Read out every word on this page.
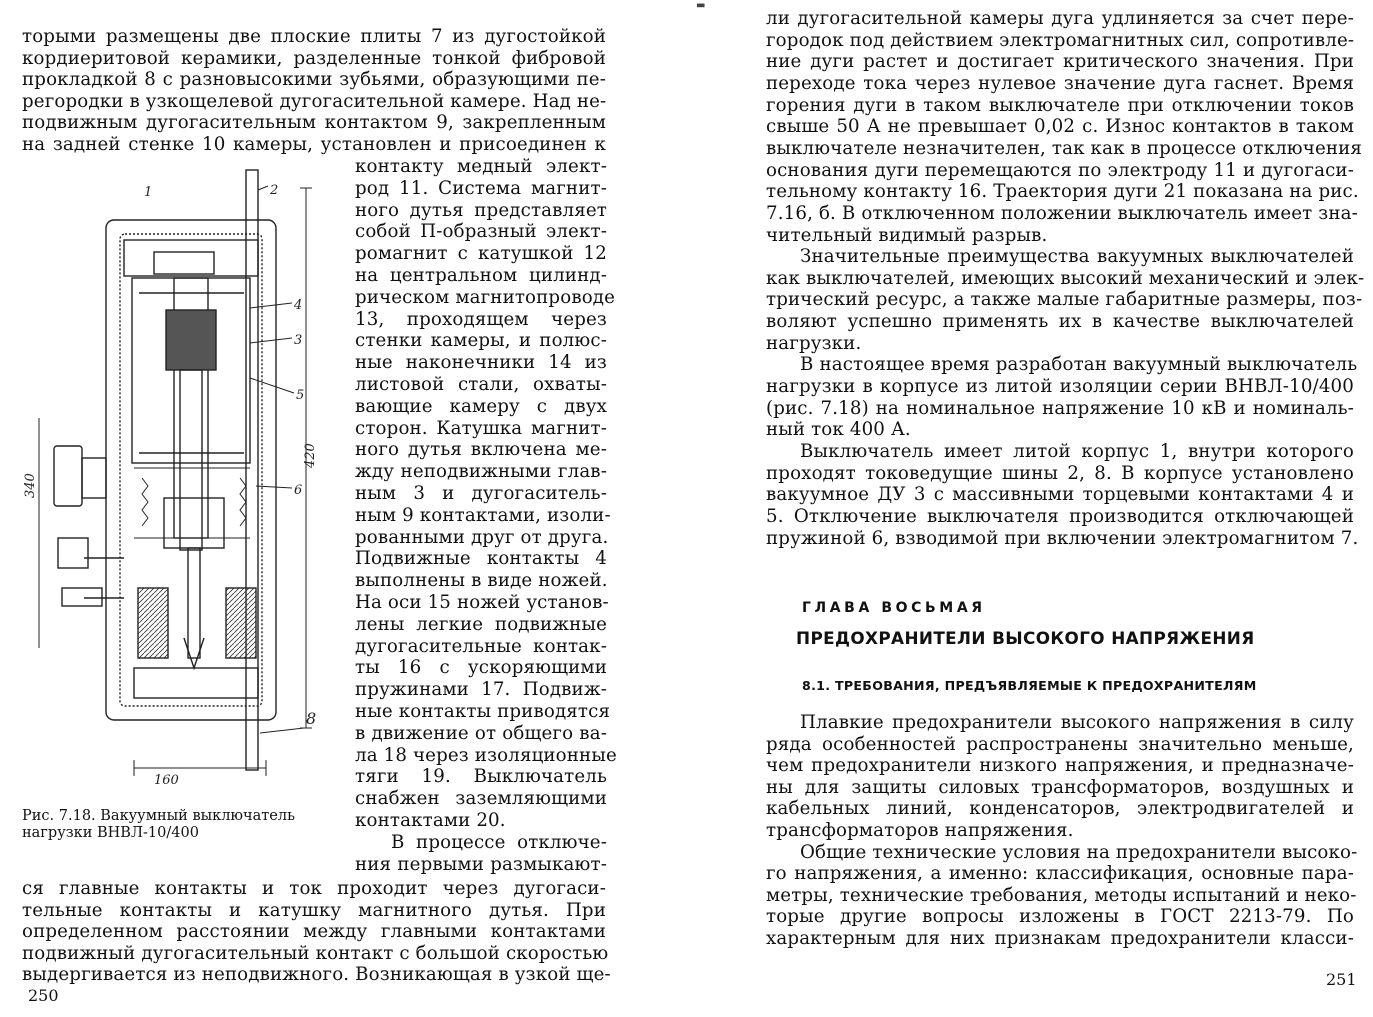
торыми размещены две плоские плиты 7 из дугостойкой
кордиеритовой керамики, разделенные тонкой фибровой
прокладкой 8 с разновысокими зубьями, образующими пе-
регородки в узкощелевой дугогасительной камере. Над не-
подвижным дугогасительным контактом 9, закрепленным
на задней стенке 10 камеры, установлен и присоединен к
контакту медный элект-
род 11. Система магнит-
ного дутья представляет
собой П-образный элект-
ромагнит с катушкой 12
на центральном цилинд-
рическом магнитопроводе
13, проходящем через
стенки камеры, и полюс-
ные наконечники 14 из
листовой стали, охваты-
вающие камеру с двух
сторон. Катушка магнит-
ного дутья включена ме-
жду неподвижными глав-
ным 3 и дугогаситель-
ным 9 контактами, изоли-
рованными друг от друга.
Подвижные контакты 4
выполнены в виде ножей.
На оси 15 ножей установ-
лены легкие подвижные
дугогасительные контак-
ты 16 с ускоряющими
пружинами 17. Подвиж-
ные контакты приводятся
в движение от общего ва-
ла 18 через изоляционные
тяги 19. Выключатель
снабжен заземляющими
контактами 20.
В процессе отключе-
ния первыми размыкают-
ся главные контакты и ток проходит через дугогаси-
тельные контакты и катушку магнитного дутья. При
определенном расстоянии между главными контактами
подвижный дугогасительный контакт с большой скоростью
выдергивается из неподвижного. Возникающая в узкой ще-
1	2
3
4
5
6
8
160
420
340
Рис. 7.18. Вакуумный выключатель
нагрузки ВНВЛ-10/400
250
▬
ли дугогасительной камеры дуга удлиняется за счет пере-
городок под действием электромагнитных сил, сопротивле-
ние дуги растет и достигает критического значения. При
переходе тока через нулевое значение дуга гаснет. Время
горения дуги в таком выключателе при отключении токов
свыше 50 А не превышает 0,02 с. Износ контактов в таком
выключателе незначителен, так как в процессе отключения
основания дуги перемещаются по электроду 11 и дугогаси-
тельному контакту 16. Траектория дуги 21 показана на рис.
7.16, б. В отключенном положении выключатель имеет зна-
чительный видимый разрыв.
Значительные преимущества вакуумных выключателей
как выключателей, имеющих высокий механический и элек-
трический ресурс, а также малые габаритные размеры, поз-
воляют успешно применять их в качестве выключателей
нагрузки.
В настоящее время разработан вакуумный выключатель
нагрузки в корпусе из литой изоляции серии ВНВЛ-10/400
(рис. 7.18) на номинальное напряжение 10 кВ и номиналь-
ный ток 400 А.
Выключатель имеет литой корпус 1, внутри которого
проходят токоведущие шины 2, 8. В корпусе установлено
вакуумное ДУ 3 с массивными торцевыми контактами 4 и
5. Отключение выключателя производится отключающей
пружиной 6, взводимой при включении электромагнитом 7.
ГЛАВА ВОСЬМАЯ
ПРЕДОХРАНИТЕЛИ ВЫСОКОГО НАПРЯЖЕНИЯ
8.1. ТРЕБОВАНИЯ, ПРЕДЪЯВЛЯЕМЫЕ К ПРЕДОХРАНИТЕЛЯМ
Плавкие предохранители высокого напряжения в силу
ряда особенностей распространены значительно меньше,
чем предохранители низкого напряжения, и предназначе-
ны для защиты силовых трансформаторов, воздушных и
кабельных линий, конденсаторов, электродвигателей и
трансформаторов напряжения.
Общие технические условия на предохранители высоко-
го напряжения, а именно: классификация, основные пара-
метры, технические требования, методы испытаний и неко-
торые другие вопросы изложены в ГОСТ 2213-79. По
характерным для них признакам предохранители класси-
251
